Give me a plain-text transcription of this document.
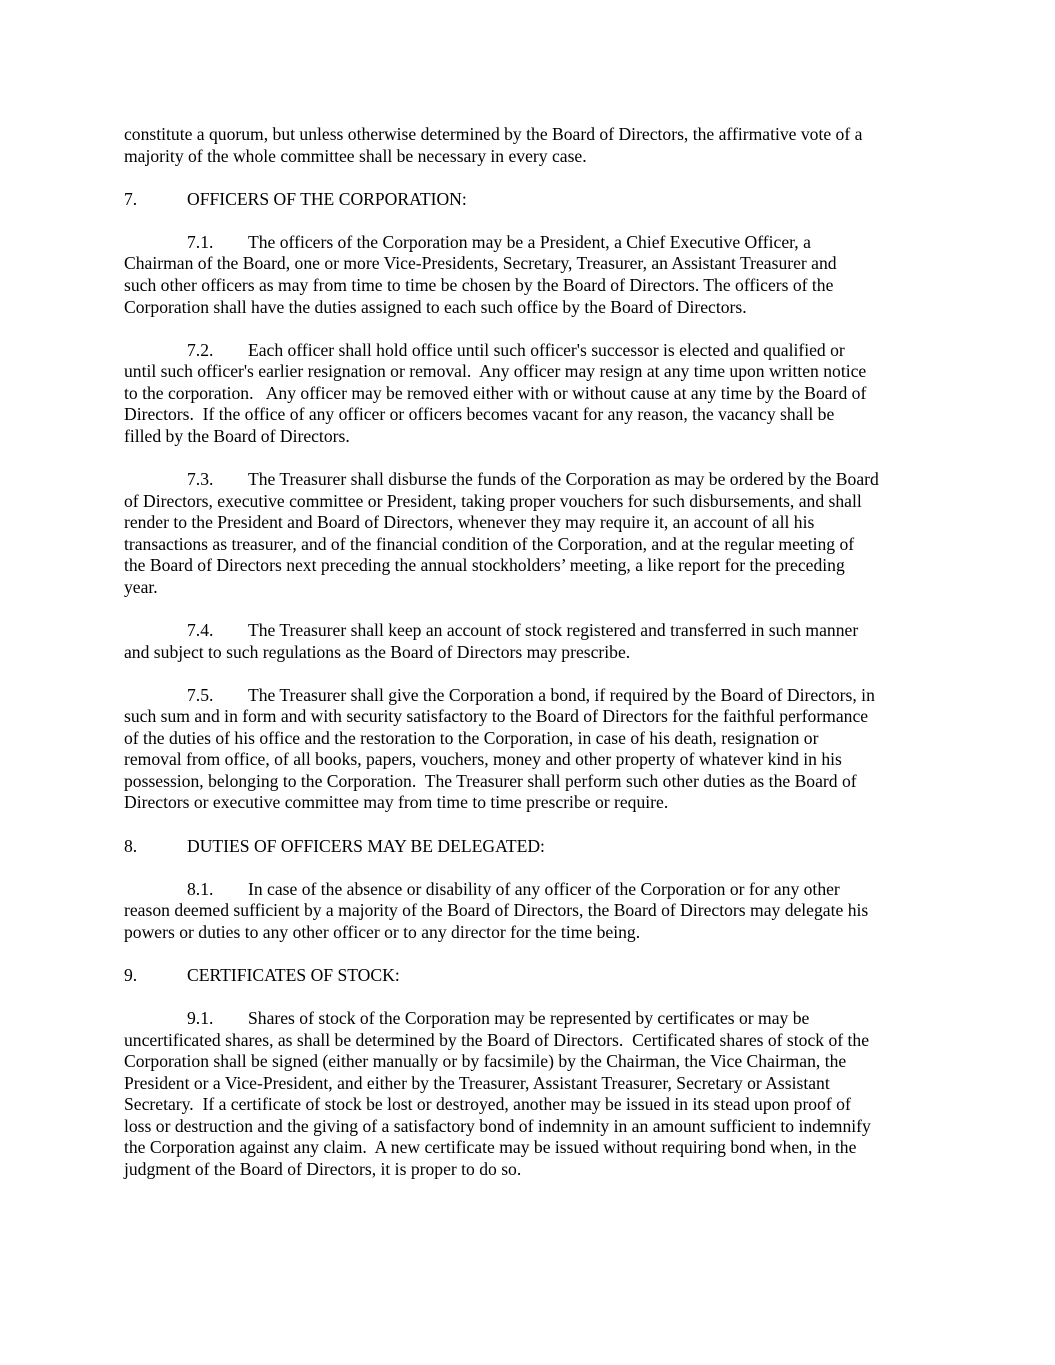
constitute a quorum, but unless otherwise determined by the Board of Directors, the affirmative vote of a
majority of the whole committee shall be necessary in every case.
7.	OFFICERS OF THE CORPORATION:
7.1. The officers of the Corporation may be a President, a Chief Executive Officer, a
Chairman of the Board, one or more Vice-Presidents, Secretary, Treasurer, an Assistant Treasurer and
such other officers as may from time to time be chosen by the Board of Directors. The officers of the
Corporation shall have the duties assigned to each such office by the Board of Directors.
7.2. Each officer shall hold office until such officer's successor is elected and qualified or
until such officer's earlier resignation or removal.  Any officer may resign at any time upon written notice
to the corporation.   Any officer may be removed either with or without cause at any time by the Board of
Directors.  If the office of any officer or officers becomes vacant for any reason, the vacancy shall be
filled by the Board of Directors.
7.3. The Treasurer shall disburse the funds of the Corporation as may be ordered by the Board
of Directors, executive committee or President, taking proper vouchers for such disbursements, and shall
render to the President and Board of Directors, whenever they may require it, an account of all his
transactions as treasurer, and of the financial condition of the Corporation, and at the regular meeting of
the Board of Directors next preceding the annual stockholders’ meeting, a like report for the preceding
year.
7.4. The Treasurer shall keep an account of stock registered and transferred in such manner
and subject to such regulations as the Board of Directors may prescribe.
7.5. The Treasurer shall give the Corporation a bond, if required by the Board of Directors, in
such sum and in form and with security satisfactory to the Board of Directors for the faithful performance
of the duties of his office and the restoration to the Corporation, in case of his death, resignation or
removal from office, of all books, papers, vouchers, money and other property of whatever kind in his
possession, belonging to the Corporation.  The Treasurer shall perform such other duties as the Board of
Directors or executive committee may from time to time prescribe or require.
8.	DUTIES OF OFFICERS MAY BE DELEGATED:
8.1. In case of the absence or disability of any officer of the Corporation or for any other
reason deemed sufficient by a majority of the Board of Directors, the Board of Directors may delegate his
powers or duties to any other officer or to any director for the time being.
9.	CERTIFICATES OF STOCK:
9.1. Shares of stock of the Corporation may be represented by certificates or may be
uncertificated shares, as shall be determined by the Board of Directors.  Certificated shares of stock of the
Corporation shall be signed (either manually or by facsimile) by the Chairman, the Vice Chairman, the
President or a Vice-President, and either by the Treasurer, Assistant Treasurer, Secretary or Assistant
Secretary.  If a certificate of stock be lost or destroyed, another may be issued in its stead upon proof of
loss or destruction and the giving of a satisfactory bond of indemnity in an amount sufficient to indemnify
the Corporation against any claim.  A new certificate may be issued without requiring bond when, in the
judgment of the Board of Directors, it is proper to do so.
